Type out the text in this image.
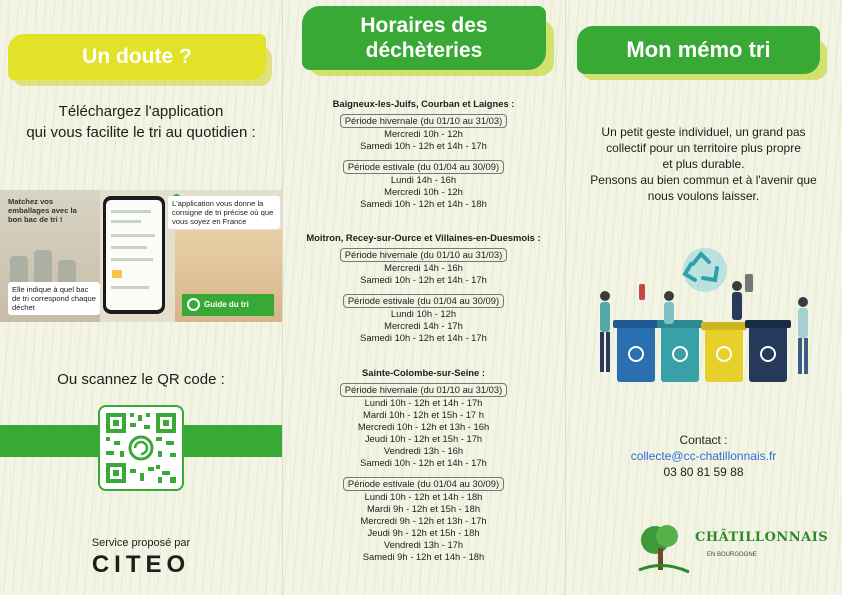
Un doute ?
Téléchargez l'application
qui vous facilite le tri au quotidien :
Matchez vos emballages avec la bon bac de tri !
L'application vous donne la consigne de tri précise où que vous soyez en France
Elle indique à quel bac de tri correspond chaque déchet	Guide du tri
Ou scannez le QR code :
Service proposé par
CITEO
Horaires des
déchèteries
Baigneux-les-Juifs, Courban et Laignes :
Période hivernale (du 01/10 au 31/03)
Mercredi 10h - 12h
Samedi 10h - 12h et 14h - 17h
Période estivale (du 01/04 au 30/09)
Lundi 14h - 16h
Mercredi 10h - 12h
Samedi 10h - 12h et 14h - 18h
Moitron, Recey-sur-Ource et Villaines-en-Duesmois :
Période hivernale (du 01/10 au 31/03)
Mercredi 14h - 16h
Samedi 10h - 12h et 14h - 17h
Période estivale (du 01/04 au 30/09)
Lundi 10h - 12h
Mercredi 14h - 17h
Samedi 10h - 12h et 14h - 17h
Sainte-Colombe-sur-Seine :
Période hivernale (du 01/10 au 31/03)
Lundi 10h - 12h et 14h - 17h
Mardi 10h - 12h et 15h - 17 h
Mercredi 10h - 12h et 13h - 16h
Jeudi 10h - 12h et 15h - 17h
Vendredi 13h - 16h
Samedi 10h - 12h et 14h - 17h
Période estivale (du 01/04 au 30/09)
Lundi 10h - 12h et 14h - 18h
Mardi 9h - 12h et 15h - 18h
Mercredi 9h - 12h et 13h - 17h
Jeudi 9h - 12h et 15h - 18h
Vendredi 13h - 17h
Samedi 9h - 12h et 14h - 18h
Mon mémo tri
Un petit geste individuel, un grand pas
collectif pour un territoire plus propre
et plus durable.
Pensons au bien commun et à l'avenir que
nous voulons laisser.
Contact :
collecte@cc-chatillonnais.fr
03 80 81 59 88
CHÂTILLONNAIS
EN BOURGOGNE
